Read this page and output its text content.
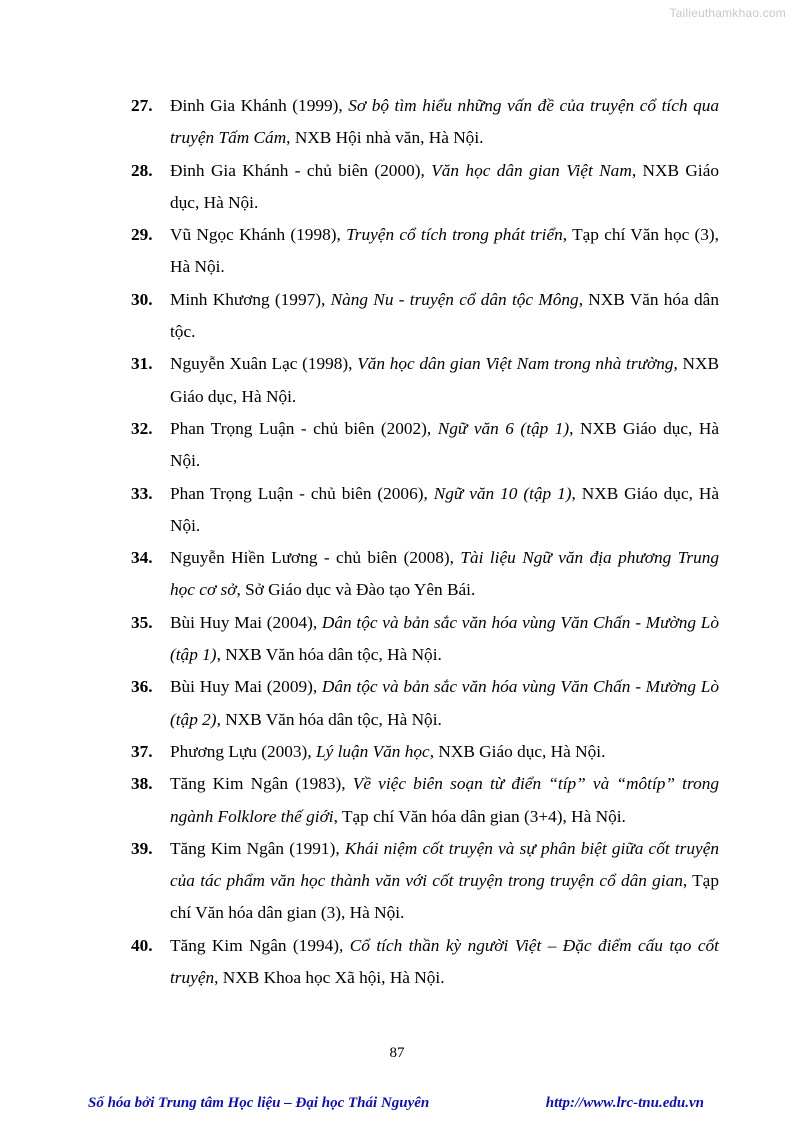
Tailieuthamkhao.com
27. Đinh Gia Khánh (1999), Sơ bộ tìm hiểu những vấn đề của truyện cổ tích qua truyện Tấm Cám, NXB Hội nhà văn, Hà Nội.
28. Đinh Gia Khánh - chủ biên (2000), Văn học dân gian Việt Nam, NXB Giáo dục, Hà Nội.
29. Vũ Ngọc Khánh (1998), Truyện cổ tích trong phát triển, Tạp chí Văn học (3), Hà Nội.
30. Minh Khương (1997), Nàng Nu - truyện cổ dân tộc Mông, NXB Văn hóa dân tộc.
31. Nguyễn Xuân Lạc (1998), Văn học dân gian Việt Nam trong nhà trường, NXB Giáo dục, Hà Nội.
32. Phan Trọng Luận - chủ biên (2002), Ngữ văn 6 (tập 1), NXB Giáo dục, Hà Nội.
33. Phan Trọng Luận - chủ biên (2006), Ngữ văn 10 (tập 1), NXB Giáo dục, Hà Nội.
34. Nguyễn Hiền Lương - chủ biên (2008), Tài liệu Ngữ văn địa phương Trung học cơ sở, Sở Giáo dục và Đào tạo Yên Bái.
35. Bùi Huy Mai (2004), Dân tộc và bản sắc văn hóa vùng Văn Chấn - Mường Lò (tập 1), NXB Văn hóa dân tộc, Hà Nội.
36. Bùi Huy Mai (2009), Dân tộc và bản sắc văn hóa vùng Văn Chấn - Mường Lò (tập 2), NXB Văn hóa dân tộc, Hà Nội.
37. Phương Lựu (2003), Lý luận Văn học, NXB Giáo dục, Hà Nội.
38. Tăng Kim Ngân (1983), Về việc biên soạn từ điển “típ” và “môtíp” trong ngành Folklore thế giới, Tạp chí Văn hóa dân gian (3+4), Hà Nội.
39. Tăng Kim Ngân (1991), Khái niệm cốt truyện và sự phân biệt giữa cốt truyện của tác phẩm văn học thành văn với cốt truyện trong truyện cổ dân gian, Tạp chí Văn hóa dân gian (3), Hà Nội.
40. Tăng Kim Ngân (1994), Cổ tích thần kỳ người Việt – Đặc điểm cấu tạo cốt truyện, NXB Khoa học Xã hội, Hà Nội.
87
Số hóa bởi Trung tâm Học liệu – Đại học Thái Nguyên	http://www.lrc-tnu.edu.vn
